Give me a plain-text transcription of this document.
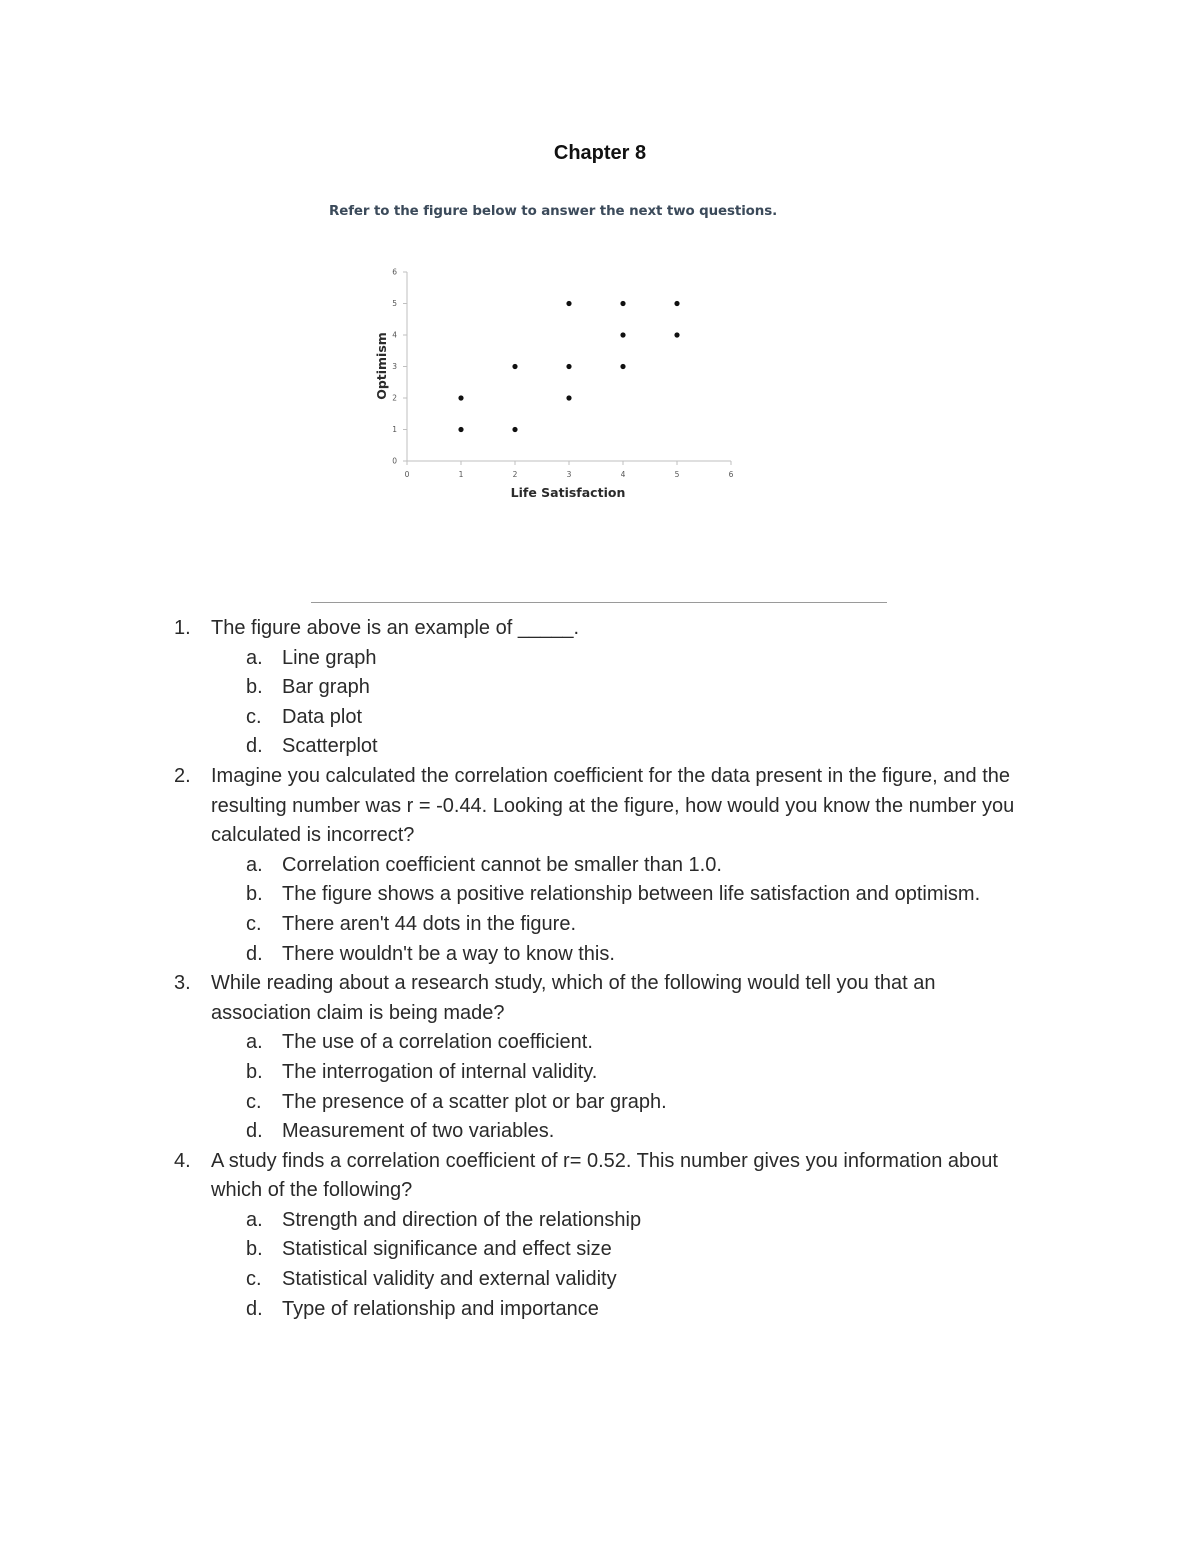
Chapter 8
Refer to the figure below to answer the next two questions.
0	1	2	3	4	5	6
0
1
2
3
4
5
6
Life Satisfaction
Optimism
1. The figure above is an example of _____.
a. Line graph
b. Bar graph
c. Data plot
d. Scatterplot
2. Imagine you calculated the correlation coefficient for the data present in the figure, and the resulting number was r = -0.44. Looking at the figure, how would you know the number you calculated is incorrect?
a. Correlation coefficient cannot be smaller than 1.0.
b. The figure shows a positive relationship between life satisfaction and optimism.
c. There aren't 44 dots in the figure.
d. There wouldn't be a way to know this.
3. While reading about a research study, which of the following would tell you that an association claim is being made?
a. The use of a correlation coefficient.
b. The interrogation of internal validity.
c. The presence of a scatter plot or bar graph.
d. Measurement of two variables.
4. A study finds a correlation coefficient of r= 0.52. This number gives you information about which of the following?
a. Strength and direction of the relationship
b. Statistical significance and effect size
c. Statistical validity and external validity
d. Type of relationship and importance
